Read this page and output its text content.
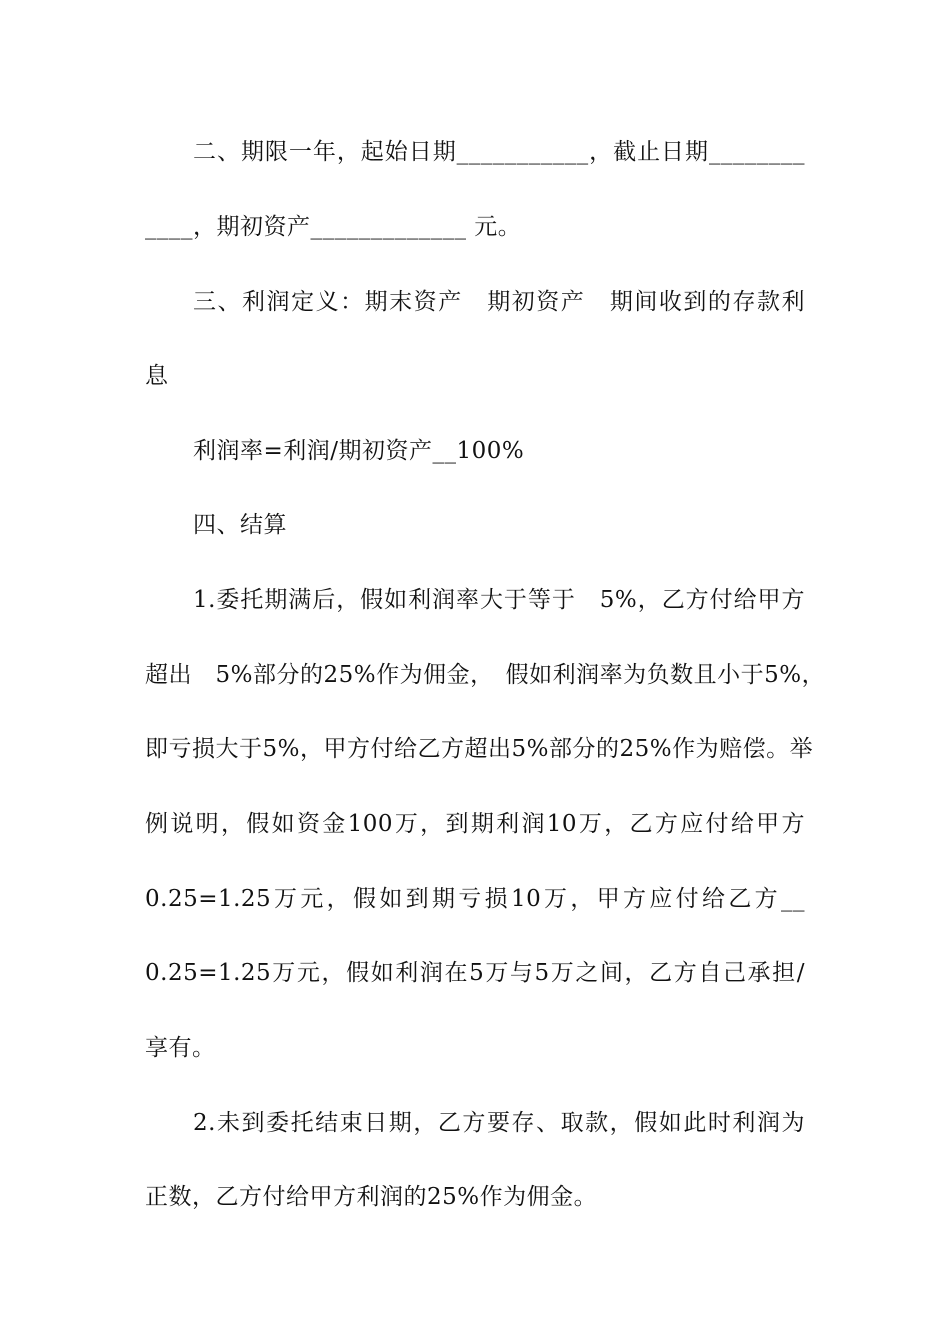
二、期限一年，起始日期___________，截止日期________
____，期初资产_____________ 元。
三、利润定义：期末资产　期初资产　期间收到的存款利
息
利润率=利润/期初资产__100%
四、结算
1.委托期满后，假如利润率大于等于　5%，乙方付给甲方
超出　5%部分的25%作为佣金，　假如利润率为负数且小于5%，
即亏损大于5%，甲方付给乙方超出5%部分的25%作为赔偿。举
例说明，假如资金100万，到期利润10万，乙方应付给甲方
0.25=1.25万元，假如到期亏损10万，甲方应付给乙方__
0.25=1.25万元，假如利润在5万与5万之间，乙方自己承担/
享有。
2.未到委托结束日期，乙方要存、取款，假如此时利润为
正数，乙方付给甲方利润的25%作为佣金。
